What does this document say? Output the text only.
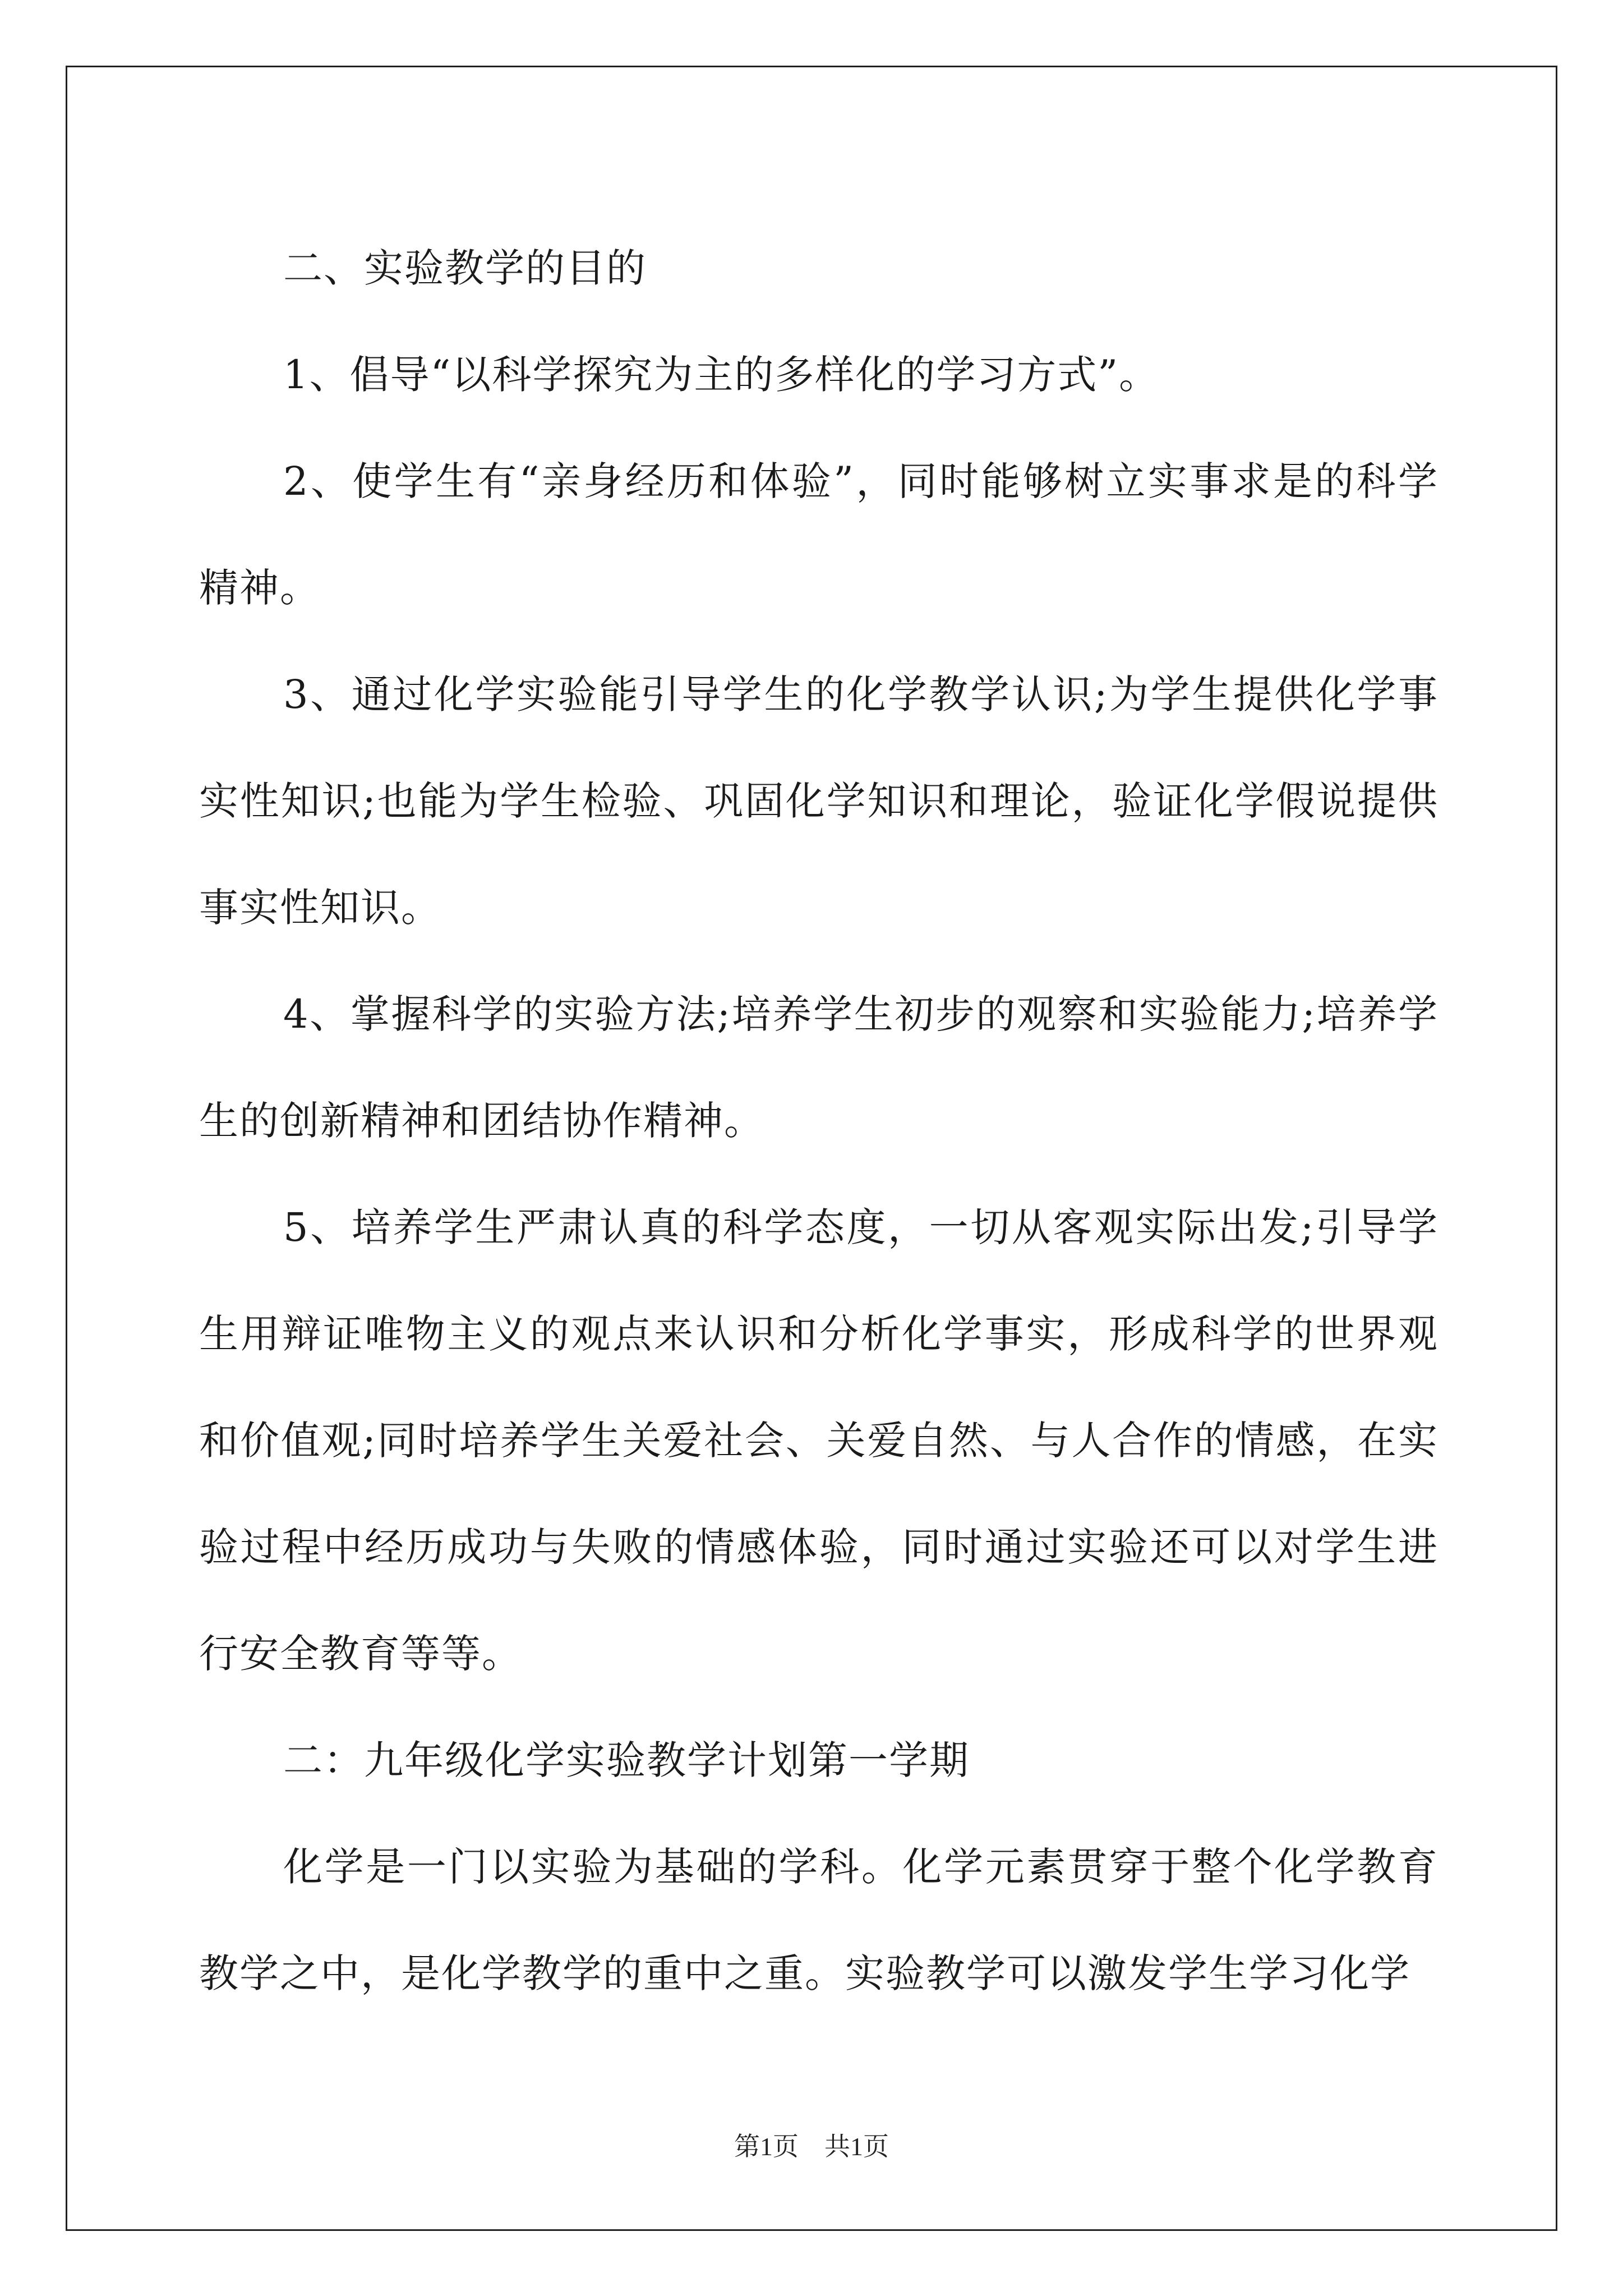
二、实验教学的目的

1、倡导“以科学探究为主的多样化的学习方式”。

2、使学生有“亲身经历和体验”，同时能够树立实事求是的科学精神。

3、通过化学实验能引导学生的化学教学认识;为学生提供化学事实性知识;也能为学生检验、巩固化学知识和理论，验证化学假说提供事实性知识。

4、掌握科学的实验方法;培养学生初步的观察和实验能力;培养学生的创新精神和团结协作精神。

5、培养学生严肃认真的科学态度，一切从客观实际出发;引导学生用辩证唯物主义的观点来认识和分析化学事实，形成科学的世界观和价值观;同时培养学生关爱社会、关爱自然、与人合作的情感，在实验过程中经历成功与失败的情感体验，同时通过实验还可以对学生进行安全教育等等。

二：九年级化学实验教学计划第一学期

化学是一门以实验为基础的学科。化学元素贯穿于整个化学教育教学之中，是化学教学的重中之重。实验教学可以激发学生学习化学

第1页　共1页
